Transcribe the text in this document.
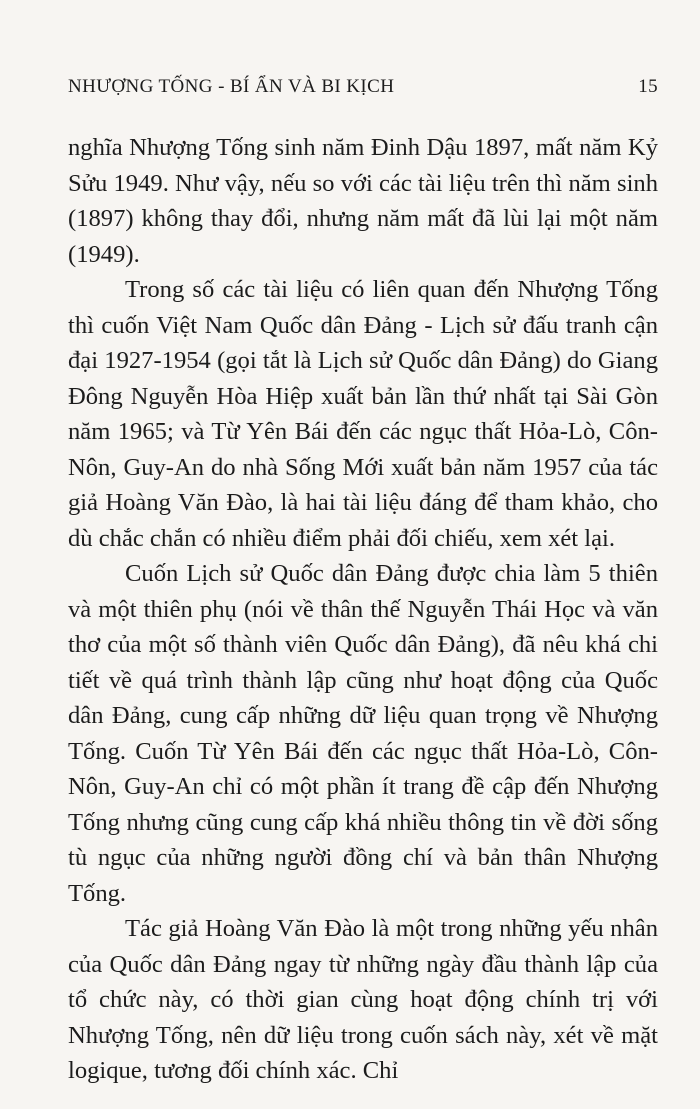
NHƯỢNG TỐNG - BÍ ẨN VÀ BI KỊCH	15

nghĩa Nhượng Tống sinh năm Đinh Dậu 1897, mất năm Kỷ Sửu 1949. Như vậy, nếu so với các tài liệu trên thì năm sinh (1897) không thay đổi, nhưng năm mất đã lùi lại một năm (1949).

Trong số các tài liệu có liên quan đến Nhượng Tống thì cuốn Việt Nam Quốc dân Đảng - Lịch sử đấu tranh cận đại 1927-1954 (gọi tắt là Lịch sử Quốc dân Đảng) do Giang Đông Nguyễn Hòa Hiệp xuất bản lần thứ nhất tại Sài Gòn năm 1965; và Từ Yên Bái đến các ngục thất Hỏa-Lò, Côn-Nôn, Guy-An do nhà Sống Mới xuất bản năm 1957 của tác giả Hoàng Văn Đào, là hai tài liệu đáng để tham khảo, cho dù chắc chắn có nhiều điểm phải đối chiếu, xem xét lại.

Cuốn Lịch sử Quốc dân Đảng được chia làm 5 thiên và một thiên phụ (nói về thân thế Nguyễn Thái Học và văn thơ của một số thành viên Quốc dân Đảng), đã nêu khá chi tiết về quá trình thành lập cũng như hoạt động của Quốc dân Đảng, cung cấp những dữ liệu quan trọng về Nhượng Tống. Cuốn Từ Yên Bái đến các ngục thất Hỏa-Lò, Côn-Nôn, Guy-An chỉ có một phần ít trang đề cập đến Nhượng Tống nhưng cũng cung cấp khá nhiều thông tin về đời sống tù ngục của những người đồng chí và bản thân Nhượng Tống.

Tác giả Hoàng Văn Đào là một trong những yếu nhân của Quốc dân Đảng ngay từ những ngày đầu thành lập của tổ chức này, có thời gian cùng hoạt động chính trị với Nhượng Tống, nên dữ liệu trong cuốn sách này, xét về mặt logique, tương đối chính xác. Chỉ
